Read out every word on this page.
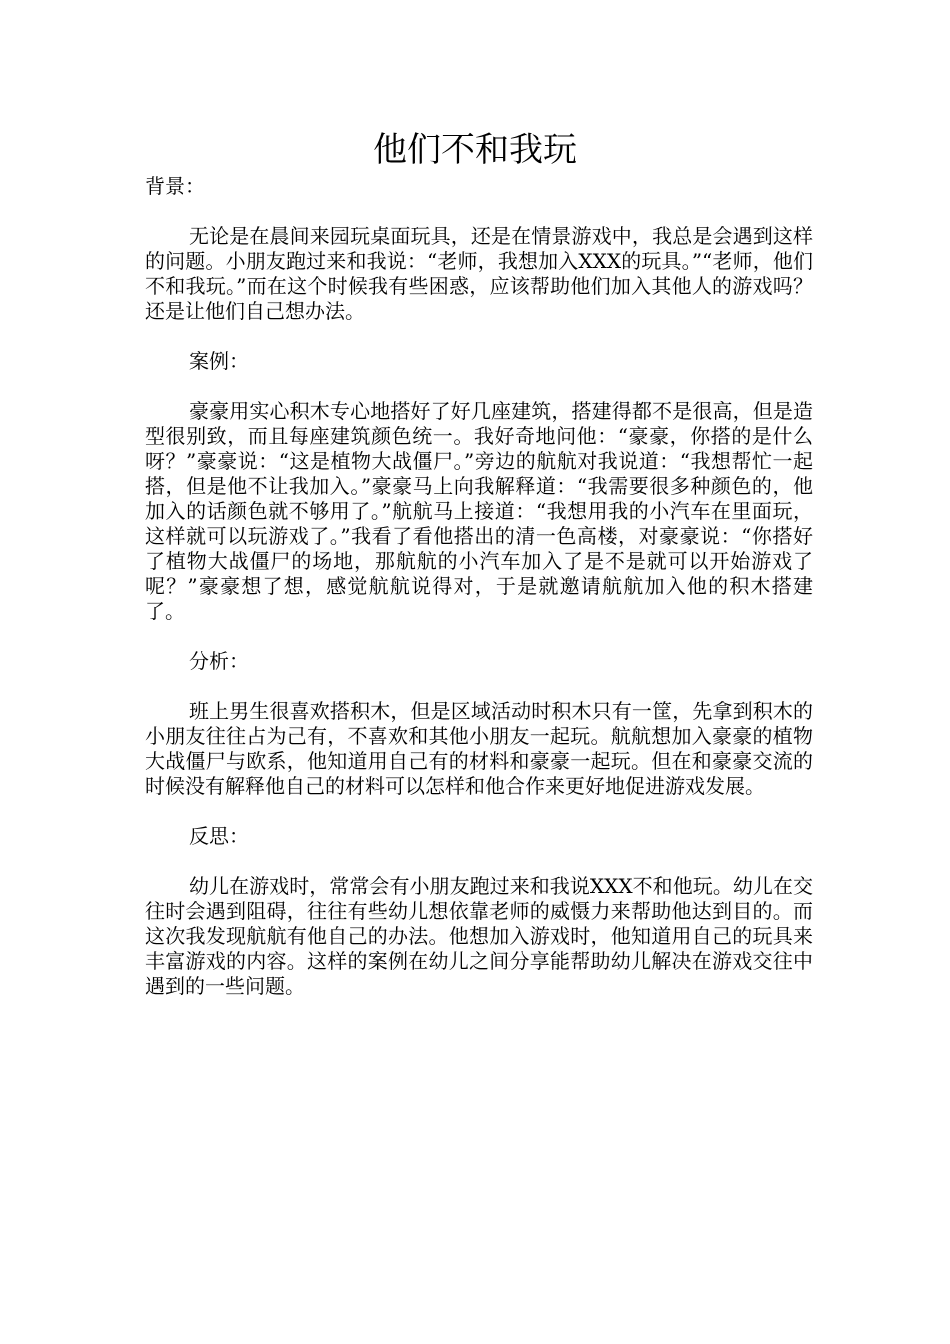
他们不和我玩

背景：

无论是在晨间来园玩桌面玩具，还是在情景游戏中，我总是会遇到这样的问题。小朋友跑过来和我说：“老师，我想加入XXX的玩具。”“老师，他们不和我玩。”而在这个时候我有些困惑，应该帮助他们加入其他人的游戏吗？还是让他们自己想办法。

案例：

豪豪用实心积木专心地搭好了好几座建筑，搭建得都不是很高，但是造型很别致，而且每座建筑颜色统一。我好奇地问他：“豪豪，你搭的是什么呀？”豪豪说：“这是植物大战僵尸。”旁边的航航对我说道：“我想帮忙一起搭，但是他不让我加入。”豪豪马上向我解释道：“我需要很多种颜色的，他加入的话颜色就不够用了。”航航马上接道：“我想用我的小汽车在里面玩，这样就可以玩游戏了。”我看了看他搭出的清一色高楼，对豪豪说：“你搭好了植物大战僵尸的场地，那航航的小汽车加入了是不是就可以开始游戏了呢？”豪豪想了想，感觉航航说得对，于是就邀请航航加入他的积木搭建了。

分析：

班上男生很喜欢搭积木，但是区域活动时积木只有一筐，先拿到积木的小朋友往往占为己有，不喜欢和其他小朋友一起玩。航航想加入豪豪的植物大战僵尸与欧系，他知道用自己有的材料和豪豪一起玩。但在和豪豪交流的时候没有解释他自己的材料可以怎样和他合作来更好地促进游戏发展。

反思：

幼儿在游戏时，常常会有小朋友跑过来和我说XXX不和他玩。幼儿在交往时会遇到阻碍，往往有些幼儿想依靠老师的威慑力来帮助他达到目的。而这次我发现航航有他自己的办法。他想加入游戏时，他知道用自己的玩具来丰富游戏的内容。这样的案例在幼儿之间分享能帮助幼儿解决在游戏交往中遇到的一些问题。
